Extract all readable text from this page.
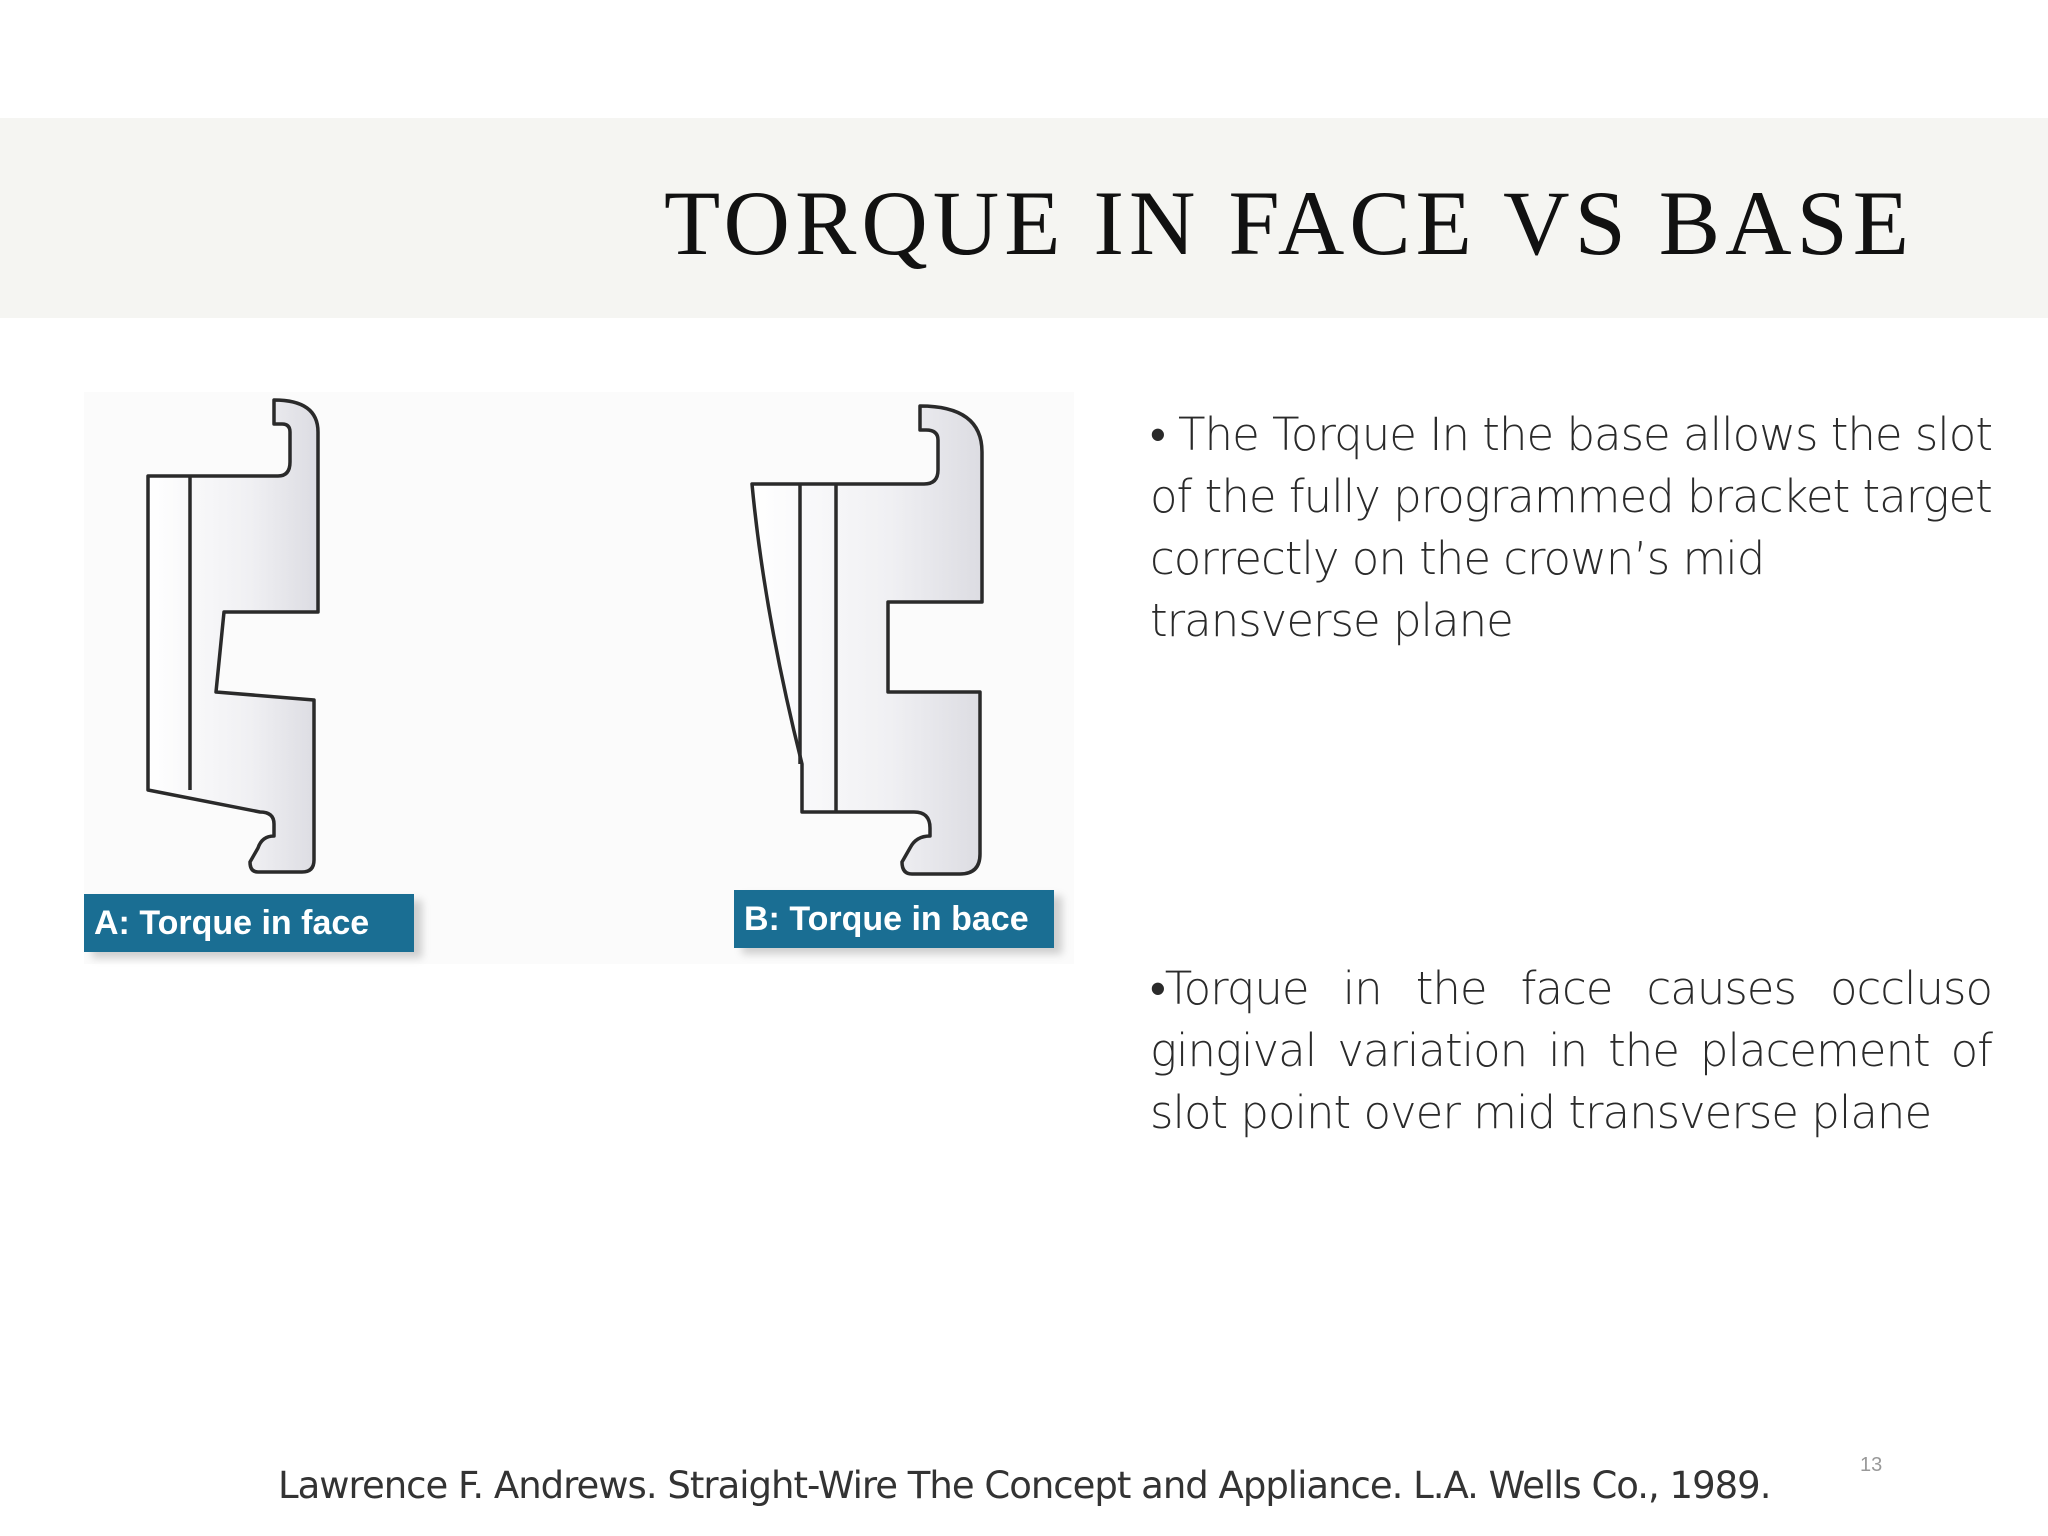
TORQUE IN FACE VS BASE
A: Torque in face	B: Torque in bace

• The Torque In the base allows the slot of the fully programmed bracket target correctly on the crown’s mid transverse plane

•Torque in the face causes occluso gingival variation in the placement of slot point over mid transverse plane

Lawrence F. Andrews. Straight-Wire The Concept and Appliance. L.A. Wells Co., 1989.	13
